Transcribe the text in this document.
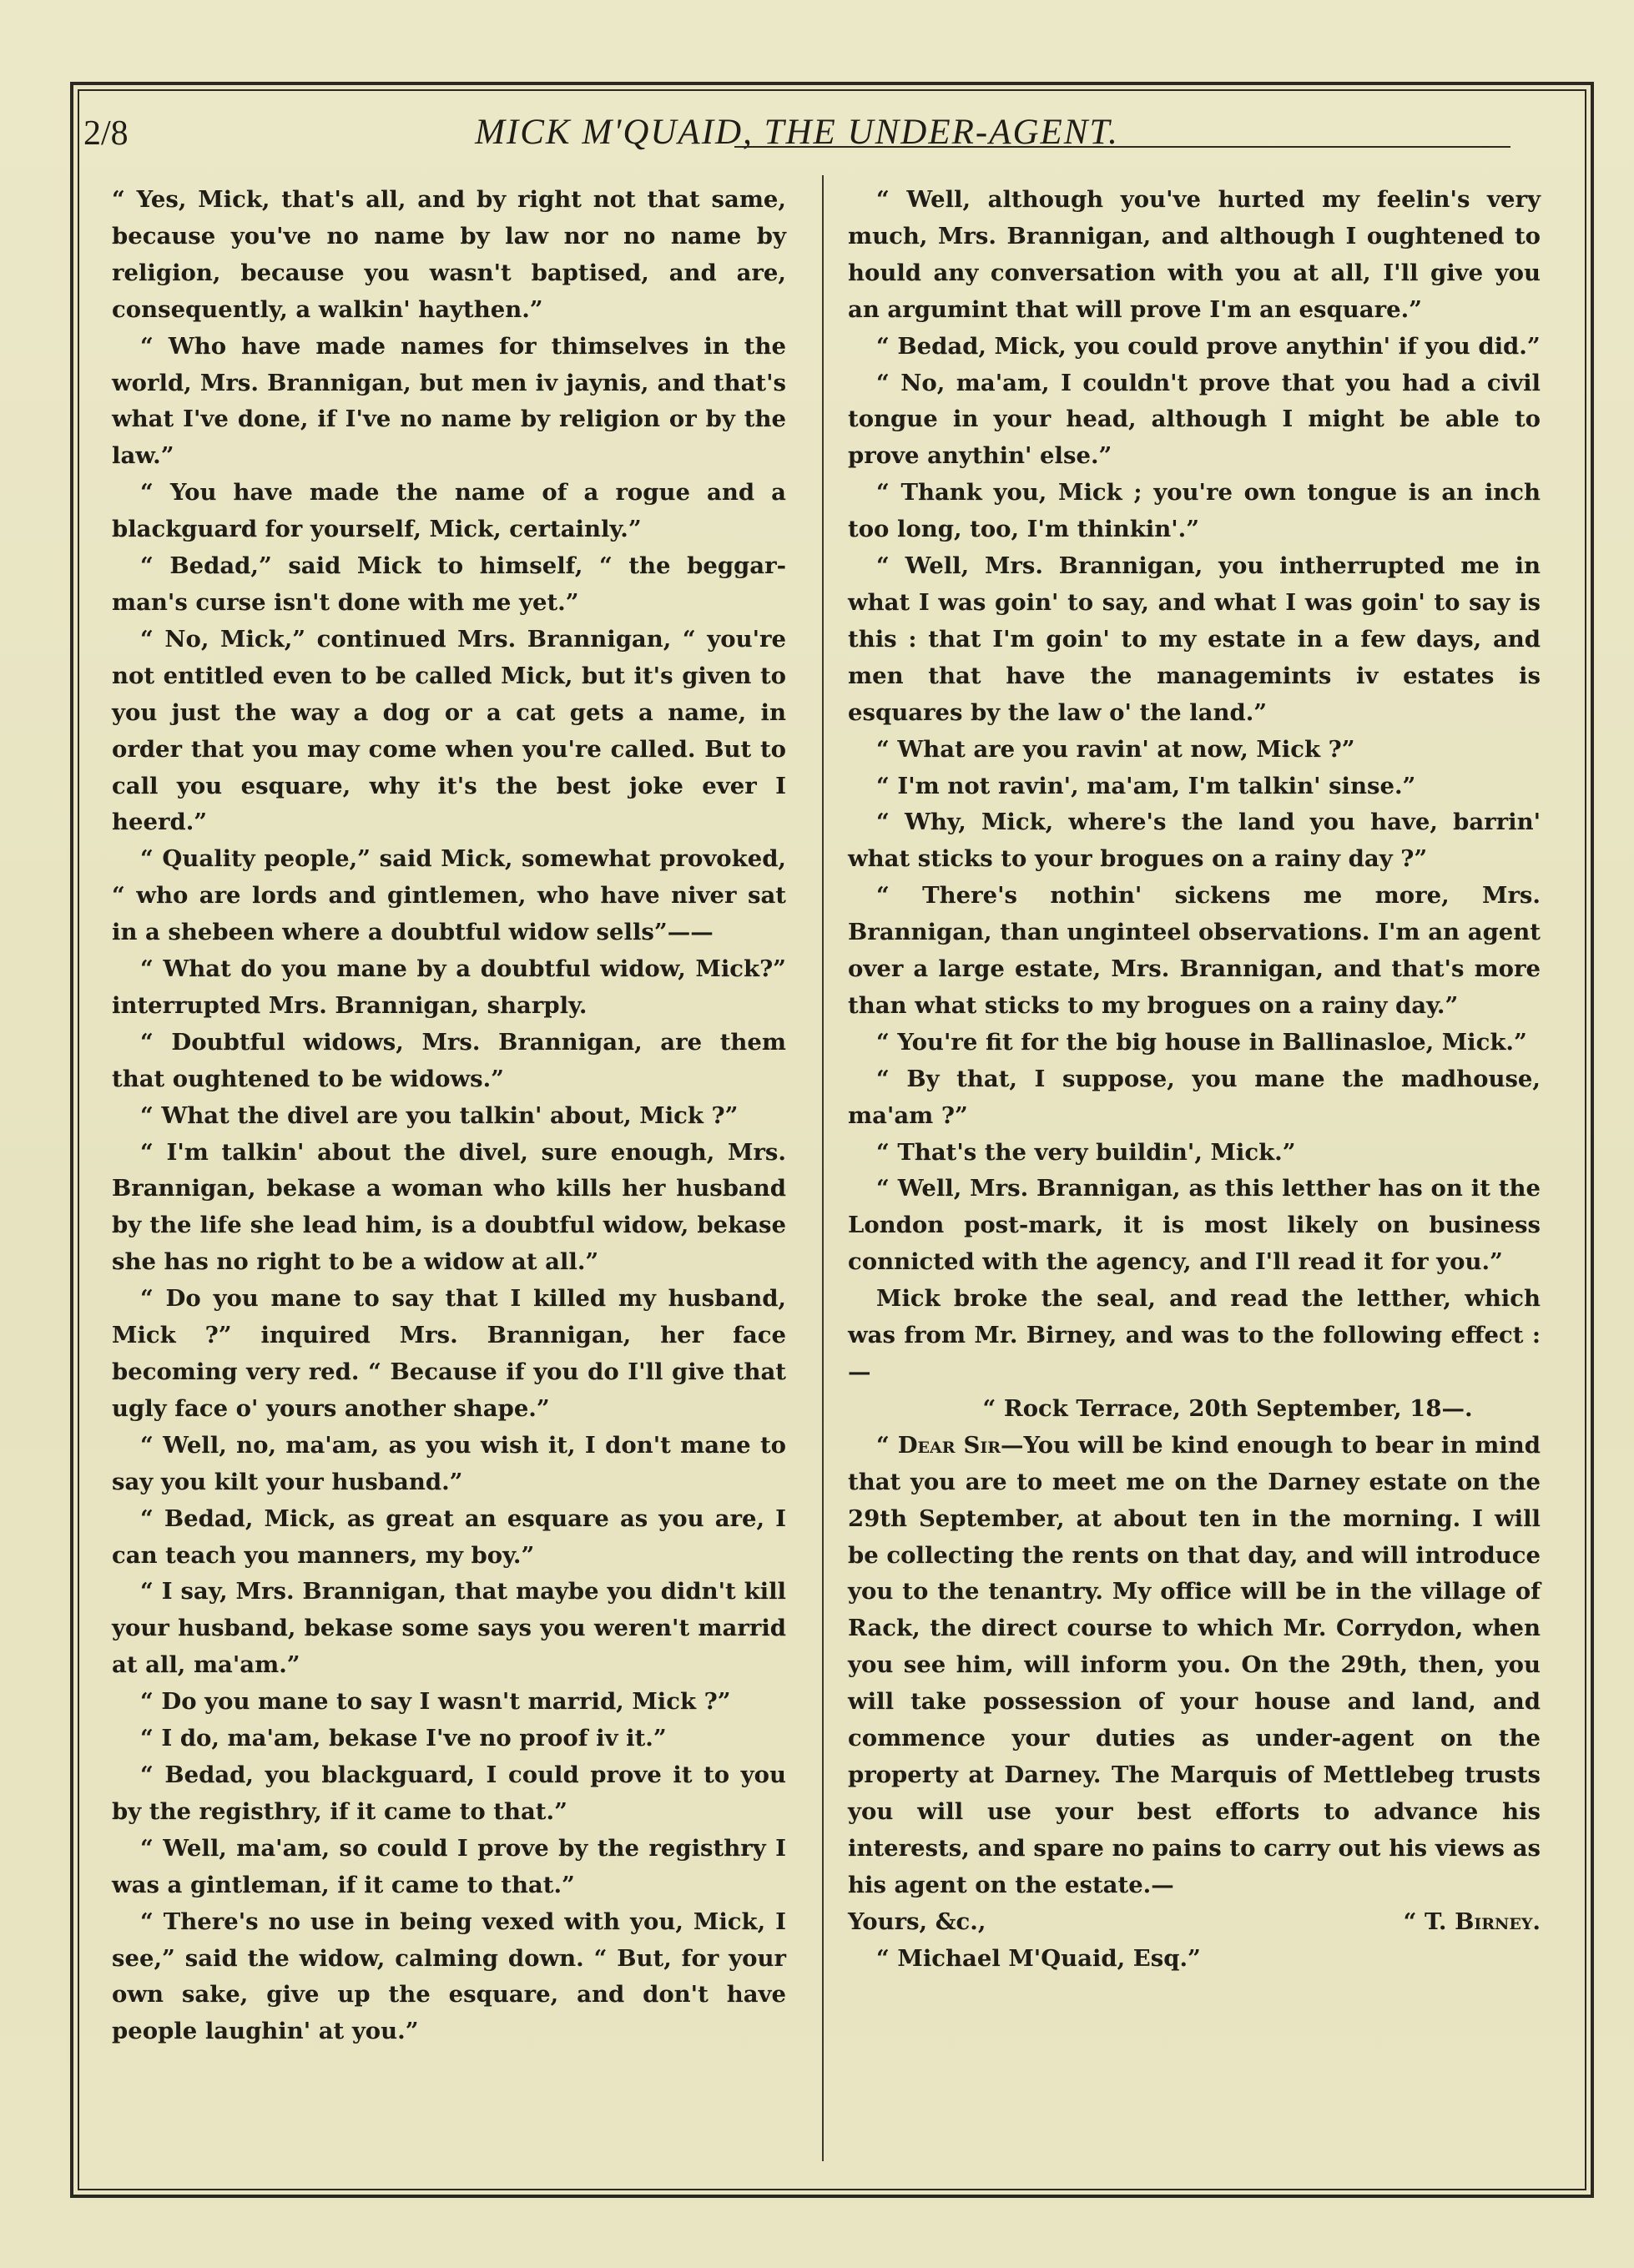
2/8	MICK M'QUAID, THE UNDER-AGENT.

“ Yes, Mick, that's all, and by right not that same, because you've no name by law nor no name by religion, because you wasn't baptised, and are, consequently, a walkin' haythen.”

“ Who have made names for thimselves in the world, Mrs. Brannigan, but men iv jaynis, and that's what I've done, if I've no name by religion or by the law.”

“ You have made the name of a rogue and a blackguard for yourself, Mick, certainly.”

“ Bedad,” said Mick to himself, “ the beggar-man's curse isn't done with me yet.”

“ No, Mick,” continued Mrs. Brannigan, “ you're not entitled even to be called Mick, but it's given to you just the way a dog or a cat gets a name, in order that you may come when you're called. But to call you esquare, why it's the best joke ever I heerd.”

“ Quality people,” said Mick, somewhat provoked, “ who are lords and gintlemen, who have niver sat in a shebeen where a doubtful widow sells”——

“ What do you mane by a doubtful widow, Mick?” interrupted Mrs. Brannigan, sharply.

“ Doubtful widows, Mrs. Brannigan, are them that oughtened to be widows.”

“ What the divel are you talkin' about, Mick ?”

“ I'm talkin' about the divel, sure enough, Mrs. Brannigan, bekase a woman who kills her husband by the life she lead him, is a doubtful widow, bekase she has no right to be a widow at all.”

“ Do you mane to say that I killed my husband, Mick ?” inquired Mrs. Brannigan, her face becoming very red. “ Because if you do I'll give that ugly face o' yours another shape.”

“ Well, no, ma'am, as you wish it, I don't mane to say you kilt your husband.”

“ Bedad, Mick, as great an esquare as you are, I can teach you manners, my boy.”

“ I say, Mrs. Brannigan, that maybe you didn't kill your husband, bekase some says you weren't marrid at all, ma'am.”

“ Do you mane to say I wasn't marrid, Mick ?”

“ I do, ma'am, bekase I've no proof iv it.”

“ Bedad, you blackguard, I could prove it to you by the registhry, if it came to that.”

“ Well, ma'am, so could I prove by the registhry I was a gintleman, if it came to that.”

“ There's no use in being vexed with you, Mick, I see,” said the widow, calming down. “ But, for your own sake, give up the esquare, and don't have people laughin' at you.”

“ Well, although you've hurted my feelin's very much, Mrs. Brannigan, and although I oughtened to hould any conversation with you at all, I'll give you an argumint that will prove I'm an esquare.”

“ Bedad, Mick, you could prove anythin' if you did.”

“ No, ma'am, I couldn't prove that you had a civil tongue in your head, although I might be able to prove anythin' else.”

“ Thank you, Mick ; you're own tongue is an inch too long, too, I'm thinkin'.”

“ Well, Mrs. Brannigan, you intherrupted me in what I was goin' to say, and what I was goin' to say is this : that I'm goin' to my estate in a few days, and men that have the managemints iv estates is esquares by the law o' the land.”

“ What are you ravin' at now, Mick ?”

“ I'm not ravin', ma'am, I'm talkin' sinse.”

“ Why, Mick, where's the land you have, barrin' what sticks to your brogues on a rainy day ?”

“ There's nothin' sickens me more, Mrs. Brannigan, than unginteel observations. I'm an agent over a large estate, Mrs. Brannigan, and that's more than what sticks to my brogues on a rainy day.”

“ You're fit for the big house in Ballinasloe, Mick.”

“ By that, I suppose, you mane the madhouse, ma'am ?”

“ That's the very buildin', Mick.”

“ Well, Mrs. Brannigan, as this letther has on it the London post-mark, it is most likely on business connicted with the agency, and I'll read it for you.”

Mick broke the seal, and read the letther, which was from Mr. Birney, and was to the following effect :—

“ Rock Terrace, 20th September, 18—.

“ Dear Sir—You will be kind enough to bear in mind that you are to meet me on the Darney estate on the 29th September, at about ten in the morning. I will be collecting the rents on that day, and will introduce you to the tenantry. My office will be in the village of Rack, the direct course to which Mr. Corrydon, when you see him, will inform you. On the 29th, then, you will take possession of your house and land, and commence your duties as under-agent on the property at Darney. The Marquis of Mettlebeg trusts you will use your best efforts to advance his interests, and spare no pains to carry out his views as his agent on the estate.—

Yours, &c.,	“ T. Birney.

“ Michael M'Quaid, Esq.”
